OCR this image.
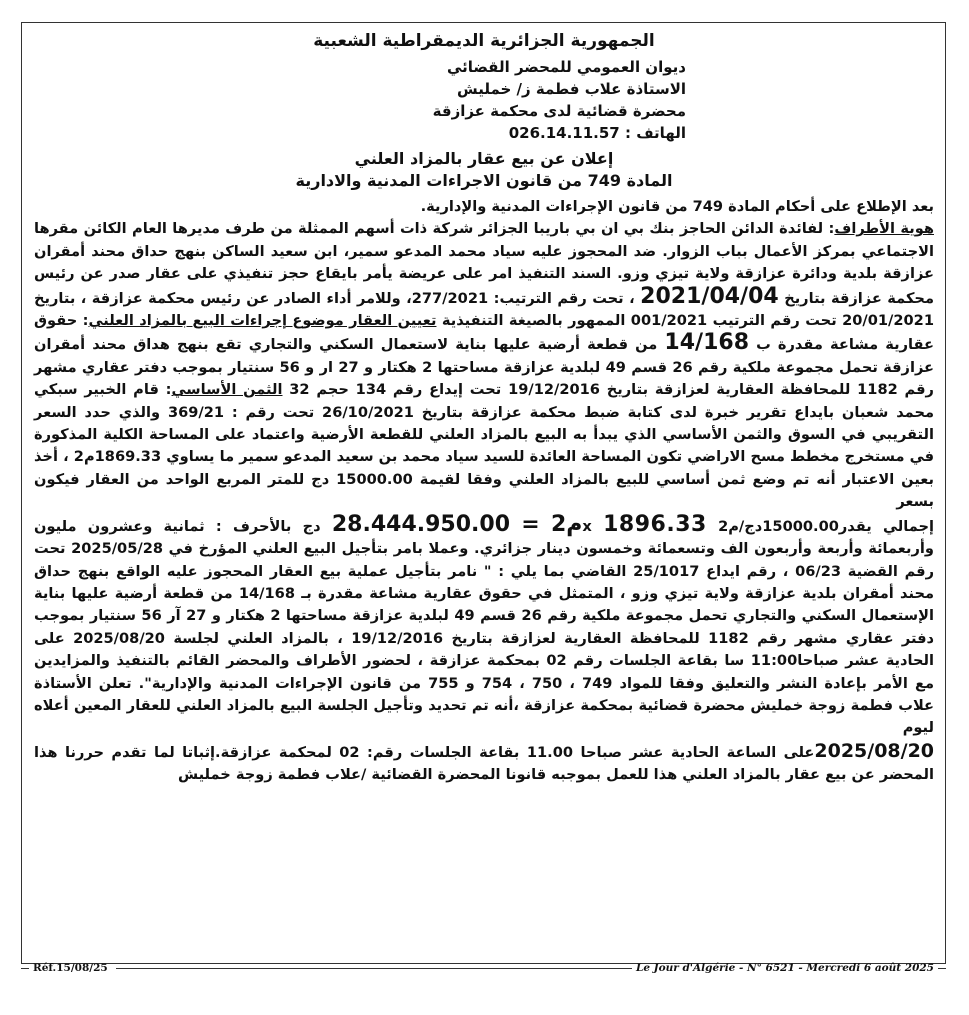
الجمهورية الجزائرية الديمقراطية الشعبية
ديوان العمومي للمحضر القضائي
الاستاذة علاب فطمة ز/ خمليش
محضرة قضائية لدى محكمة عزازقة
الهاتف : 026.14.11.57
إعلان عن بيع عقار بالمزاد العلني
المادة 749 من قانون الاجراءات المدنية والادارية

بعد الإطلاع على أحكام المادة 749 من قانون الإجراءات المدنية والإدارية.

هوية الأطراف: لفائدة الدائن الحاجز بنك بي ان بي باريبا الجزائر شركة ذات أسهم الممثلة من طرف مديرها العام الكائن مقرها الاجتماعي بمركز الأعمال بباب الزوار. ضد المحجوز عليه سياد محمد المدعو سمير، ابن سعيد الساكن بنهج حداق محند أمقران عزازقة بلدية ودائرة عزازقة ولاية تيزي وزو. السند التنفيذ امر على عريضة يأمر بايقاع حجز تنفيذي على عقار صدر عن رئيس محكمة عزازقة بتاريخ 2021/04/04 ، تحت رقم الترتيب: 277/2021، وللامر أداء الصادر عن رئيس محكمة عزازقة ، بتاريخ 20/01/2021 تحت رقم الترتيب 001/2021 الممهور بالصيغة التنفيذية تعيين العقار موضوع إجراءات البيع بالمزاد العلني: حقوق عقارية مشاعة مقدرة ب 14/168 من قطعة أرضية عليها بناية لاستعمال السكني والتجاري تقع بنهج هداق محند أمقران عزازقة تحمل مجموعة ملكية رقم 26 قسم 49 لبلدية عزازقة مساحتها 2 هكتار و 27 ار و 56 سنتيار بموجب دفتر عقاري مشهر رقم 1182 للمحافظة العقارية لعزازقة بتاريخ 19/12/2016 تحت إيداع رقم 134 حجم 32 الثمن الأساسي: قام الخبير سبكي محمد شعبان بايداع تقرير خبرة لدى كتابة ضبط محكمة عزازقة بتاريخ 26/10/2021 تحت رقم : 369/21 والذي حدد السعر التقريبي في السوق والثمن الأساسي الذي يبدأ به البيع بالمزاد العلني للقطعة الأرضية واعتماد على المساحة الكلية المذكورة في مستخرج مخطط مسح الاراضي تكون المساحة العائدة للسيد سياد محمد بن سعيد المدعو سمير ما يساوي 1869.33م2 ، أخذ بعين الاعتبار أنه تم وضع ثمن أساسي للبيع بالمزاد العلني وفقا لقيمة 15000.00 دج للمتر المربع الواحد من العقار فيكون بسعر

إجمالي يقدر15000.00دج/م2 x 1896.33م2 = 28.444.950.00 دج بالأحرف : ثمانية وعشرون مليون وأربعمائة وأربعة وأربعون الف وتسعمائة وخمسون دينار جزائري. وعملا بامر بتأجيل البيع العلني المؤرخ في 2025/05/28 تحت رقم القضية 06/23 ، رقم ايداع 25/1017 القاضي بما يلي : " نامر بتأجيل عملية بيع العقار المحجوز عليه الواقع بنهج حداق محند أمقران بلدية عزازقة ولاية تيزي وزو ، المتمثل في حقوق عقارية مشاعة مقدرة بـ 14/168 من قطعة أرضية عليها بناية الإستعمال السكني والتجاري تحمل مجموعة ملكية رقم 26 قسم 49 لبلدية عزازقة مساحتها 2 هكتار و 27 آر 56 سنتيار بموجب دفتر عقاري مشهر رقم 1182 للمحافظة العقارية لعزازقة بتاريخ 19/12/2016 ، بالمزاد العلني لجلسة 2025/08/20 على الحادية عشر صباحا11:00 سا بقاعة الجلسات رقم 02 بمحكمة عزازقة ، لحضور الأطراف والمحضر القائم بالتنفيذ والمزايدين مع الأمر بإعادة النشر والتعليق وفقا للمواد 749 ، 750 ، 754 و 755 من قانون الإجراءات المدنية والإدارية". تعلن الأستاذة علاب فطمة زوجة خمليش محضرة قضائية بمحكمة عزازقة ،أنه تم تحديد وتأجيل الجلسة البيع بالمزاد العلني للعقار المعين أعلاه ليوم

2025/08/20على الساعة الحادية عشر صباحا 11.00 بقاعة الجلسات رقم: 02 لمحكمة عزازقة.إثباتا لما تقدم حررنا هذا المحضر عن بيع عقار بالمزاد العلني هذا للعمل بموجبه قانونا المحضرة القضائية /علاب فطمة زوجة خمليش

Réf.15/08/25	Le Jour d'Algérie - N° 6521 - Mercredi 6 août 2025
